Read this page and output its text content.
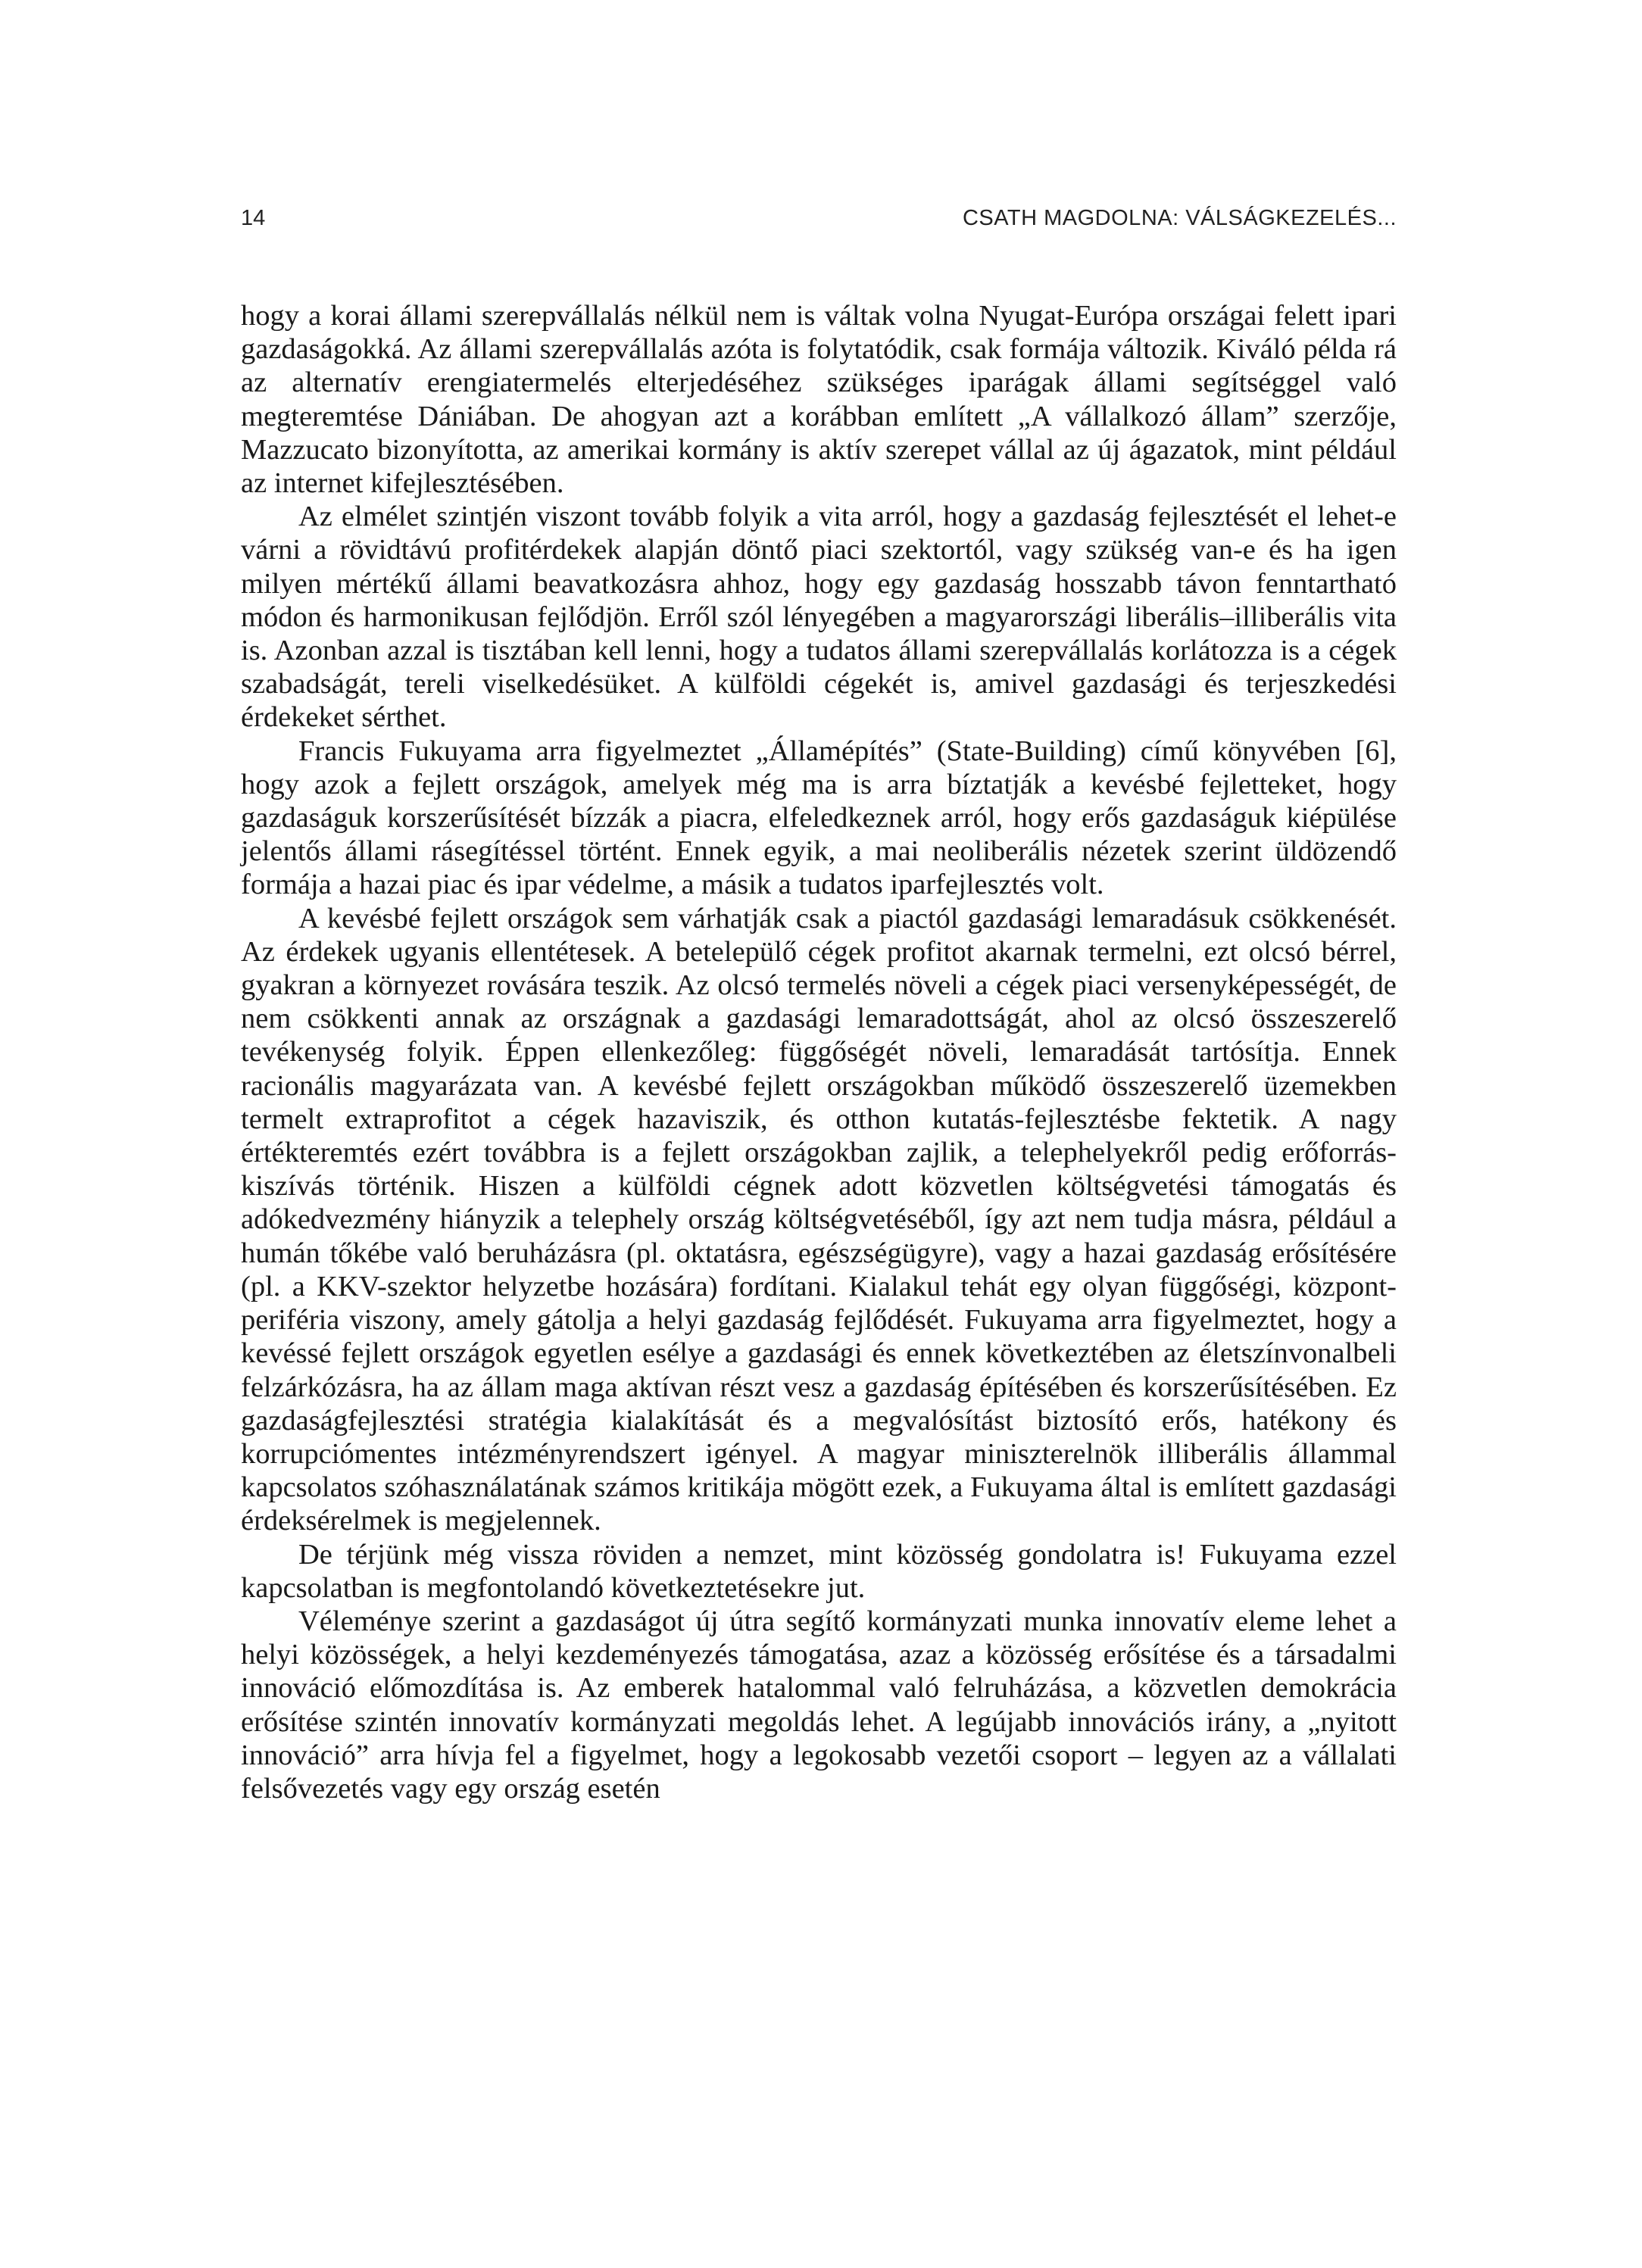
14	CSATH MAGDOLNA: VÁLSÁGKEZELÉS...

hogy a korai állami szerepvállalás nélkül nem is váltak volna Nyugat-Európa országai felett ipari gazdaságokká. Az állami szerepvállalás azóta is folytatódik, csak formája változik. Kiváló példa rá az alternatív erengiatermelés elterjedéséhez szükséges iparágak állami segítséggel való megteremtése Dániában. De ahogyan azt a korábban említett „A vállalkozó állam” szerzője, Mazzucato bizonyította, az amerikai kormány is aktív szerepet vállal az új ágazatok, mint például az internet kifejlesztésében.

Az elmélet szintjén viszont tovább folyik a vita arról, hogy a gazdaság fejlesztését el lehet-e várni a rövidtávú profitérdekek alapján döntő piaci szektortól, vagy szükség van-e és ha igen milyen mértékű állami beavatkozásra ahhoz, hogy egy gazdaság hosszabb távon fenntartható módon és harmonikusan fejlődjön. Erről szól lényegében a magyarországi liberális–illiberális vita is. Azonban azzal is tisztában kell lenni, hogy a tudatos állami szerepvállalás korlátozza is a cégek szabadságát, tereli viselkedésüket. A külföldi cégekét is, amivel gazdasági és terjeszkedési érdekeket sérthet.

Francis Fukuyama arra figyelmeztet „Államépítés” (State-Building) című könyvében [6], hogy azok a fejlett országok, amelyek még ma is arra bíztatják a kevésbé fejletteket, hogy gazdaságuk korszerűsítését bízzák a piacra, elfeledkeznek arról, hogy erős gazdaságuk kiépülése jelentős állami rásegítéssel történt. Ennek egyik, a mai neoliberális nézetek szerint üldözendő formája a hazai piac és ipar védelme, a másik a tudatos iparfejlesztés volt.

A kevésbé fejlett országok sem várhatják csak a piactól gazdasági lemaradásuk csökkenését. Az érdekek ugyanis ellentétesek. A betelepülő cégek profitot akarnak termelni, ezt olcsó bérrel, gyakran a környezet rovására teszik. Az olcsó termelés növeli a cégek piaci versenyképességét, de nem csökkenti annak az országnak a gazdasági lemaradottságát, ahol az olcsó összeszerelő tevékenység folyik. Éppen ellenkezőleg: függőségét növeli, lemaradását tartósítja. Ennek racionális magyarázata van. A kevésbé fejlett országokban működő összeszerelő üzemekben termelt extraprofitot a cégek hazaviszik, és otthon kutatás-fejlesztésbe fektetik. A nagy értékteremtés ezért továbbra is a fejlett országokban zajlik, a telephelyekről pedig erőforrás-kiszívás történik. Hiszen a külföldi cégnek adott közvetlen költségvetési támogatás és adókedvezmény hiányzik a telephely ország költségvetéséből, így azt nem tudja másra, például a humán tőkébe való beruházásra (pl. oktatásra, egészségügyre), vagy a hazai gazdaság erősítésére (pl. a KKV-szektor helyzetbe hozására) fordítani. Kialakul tehát egy olyan függőségi, központ-periféria viszony, amely gátolja a helyi gazdaság fejlődését. Fukuyama arra figyelmeztet, hogy a kevéssé fejlett országok egyetlen esélye a gazdasági és ennek következtében az életszínvonalbeli felzárkózásra, ha az állam maga aktívan részt vesz a gazdaság építésében és korszerűsítésében. Ez gazdaságfejlesztési stratégia kialakítását és a megvalósítást biztosító erős, hatékony és korrupciómentes intézményrendszert igényel. A magyar miniszterelnök illiberális állammal kapcsolatos szóhasználatának számos kritikája mögött ezek, a Fukuyama által is említett gazdasági érdeksérelmek is megjelennek.

De térjünk még vissza röviden a nemzet, mint közösség gondolatra is! Fukuyama ezzel kapcsolatban is megfontolandó következtetésekre jut.

Véleménye szerint a gazdaságot új útra segítő kormányzati munka innovatív eleme lehet a helyi közösségek, a helyi kezdeményezés támogatása, azaz a közösség erősítése és a társadalmi innováció előmozdítása is. Az emberek hatalommal való felruházása, a közvetlen demokrácia erősítése szintén innovatív kormányzati megoldás lehet. A legújabb innovációs irány, a „nyitott innováció” arra hívja fel a figyelmet, hogy a legokosabb vezetői csoport – legyen az a vállalati felsővezetés vagy egy ország esetén
